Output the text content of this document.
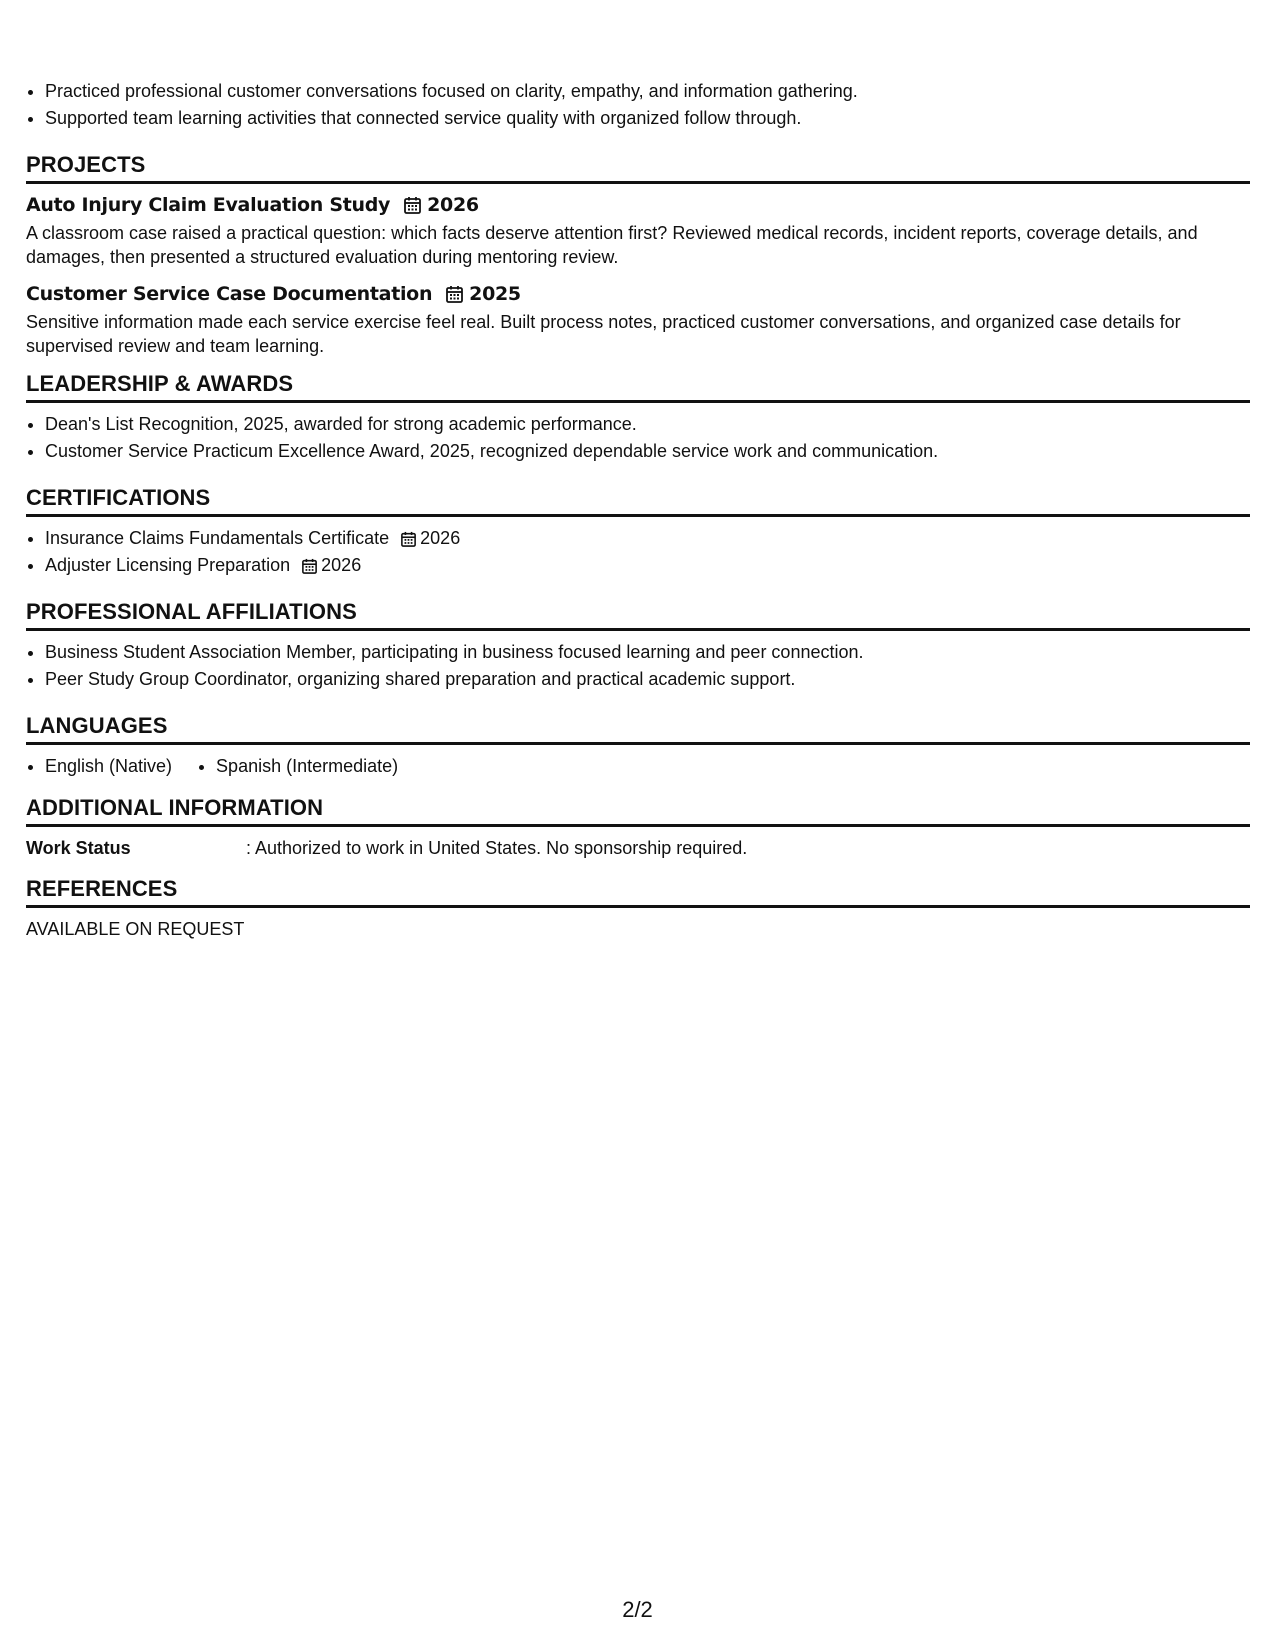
• Practiced professional customer conversations focused on clarity, empathy, and information gathering.
• Supported team learning activities that connected service quality with organized follow through.
PROJECTS
Auto Injury Claim Evaluation Study 2026
A classroom case raised a practical question: which facts deserve attention first? Reviewed medical records, incident reports, coverage details, and damages, then presented a structured evaluation during mentoring review.
Customer Service Case Documentation 2025
Sensitive information made each service exercise feel real. Built process notes, practiced customer conversations, and organized case details for supervised review and team learning.
LEADERSHIP & AWARDS
• Dean's List Recognition, 2025, awarded for strong academic performance.
• Customer Service Practicum Excellence Award, 2025, recognized dependable service work and communication.
CERTIFICATIONS
• Insurance Claims Fundamentals Certificate 2026
• Adjuster Licensing Preparation 2026
PROFESSIONAL AFFILIATIONS
• Business Student Association Member, participating in business focused learning and peer connection.
• Peer Study Group Coordinator, organizing shared preparation and practical academic support.
LANGUAGES
• English (Native)
• Spanish (Intermediate)
ADDITIONAL INFORMATION
Work Status	: Authorized to work in United States. No sponsorship required.
REFERENCES
AVAILABLE ON REQUEST
2/2
